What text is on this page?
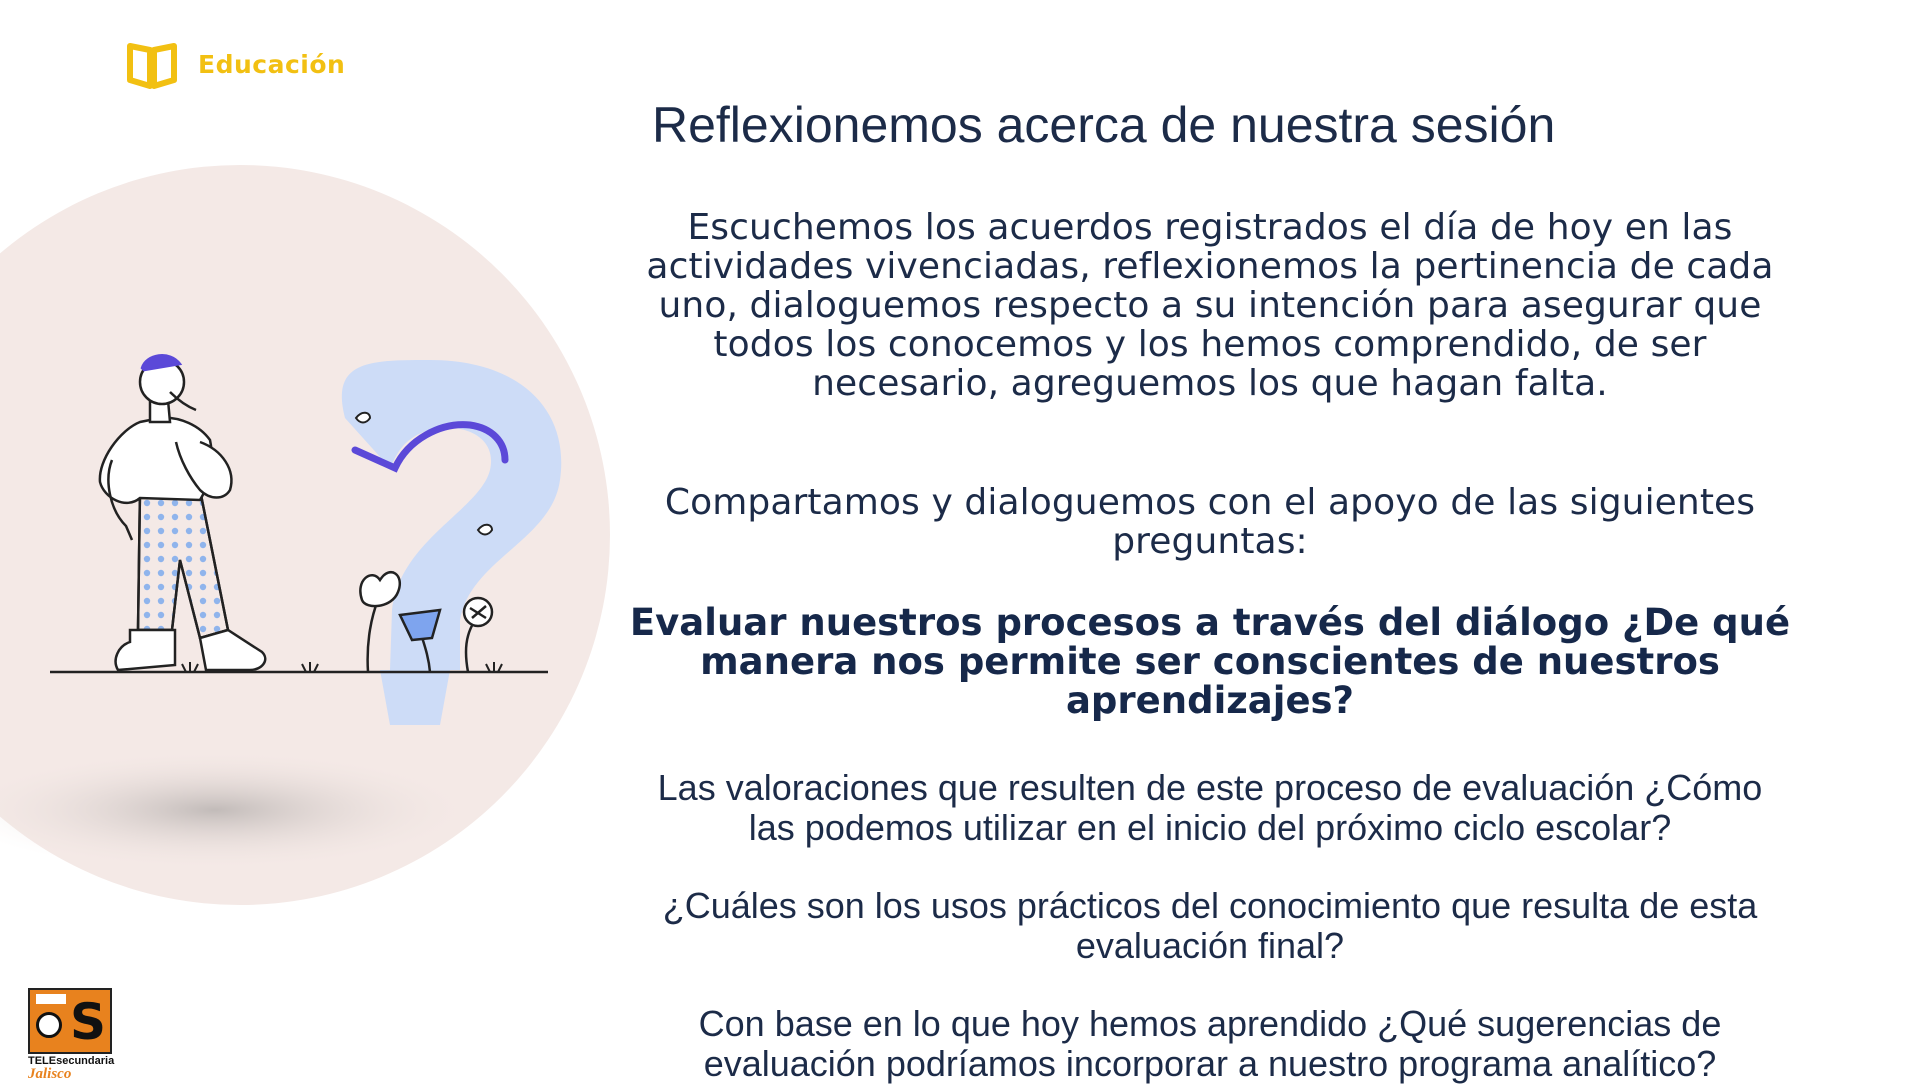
Educación
Reflexionemos acerca de nuestra sesión

Escuchemos los acuerdos registrados el día de hoy en las
actividades vivenciadas, reflexionemos la pertinencia de cada
uno, dialoguemos respecto a su intención para asegurar que
todos los conocemos y los hemos comprendido, de ser
necesario, agreguemos los que hagan falta.

Compartamos y dialoguemos con el apoyo de las siguientes
preguntas:

Evaluar nuestros procesos a través del diálogo ¿De qué
manera nos permite ser conscientes de nuestros
aprendizajes?

Las valoraciones que resulten de este proceso de evaluación ¿Cómo
las podemos utilizar en el inicio del próximo ciclo escolar?

¿Cuáles son los usos prácticos del conocimiento que resulta de esta
evaluación final?

Con base en lo que hoy hemos aprendido ¿Qué sugerencias de
evaluación podríamos incorporar a nuestro programa analítico?

S
TELEsecundaria
Jalisco
